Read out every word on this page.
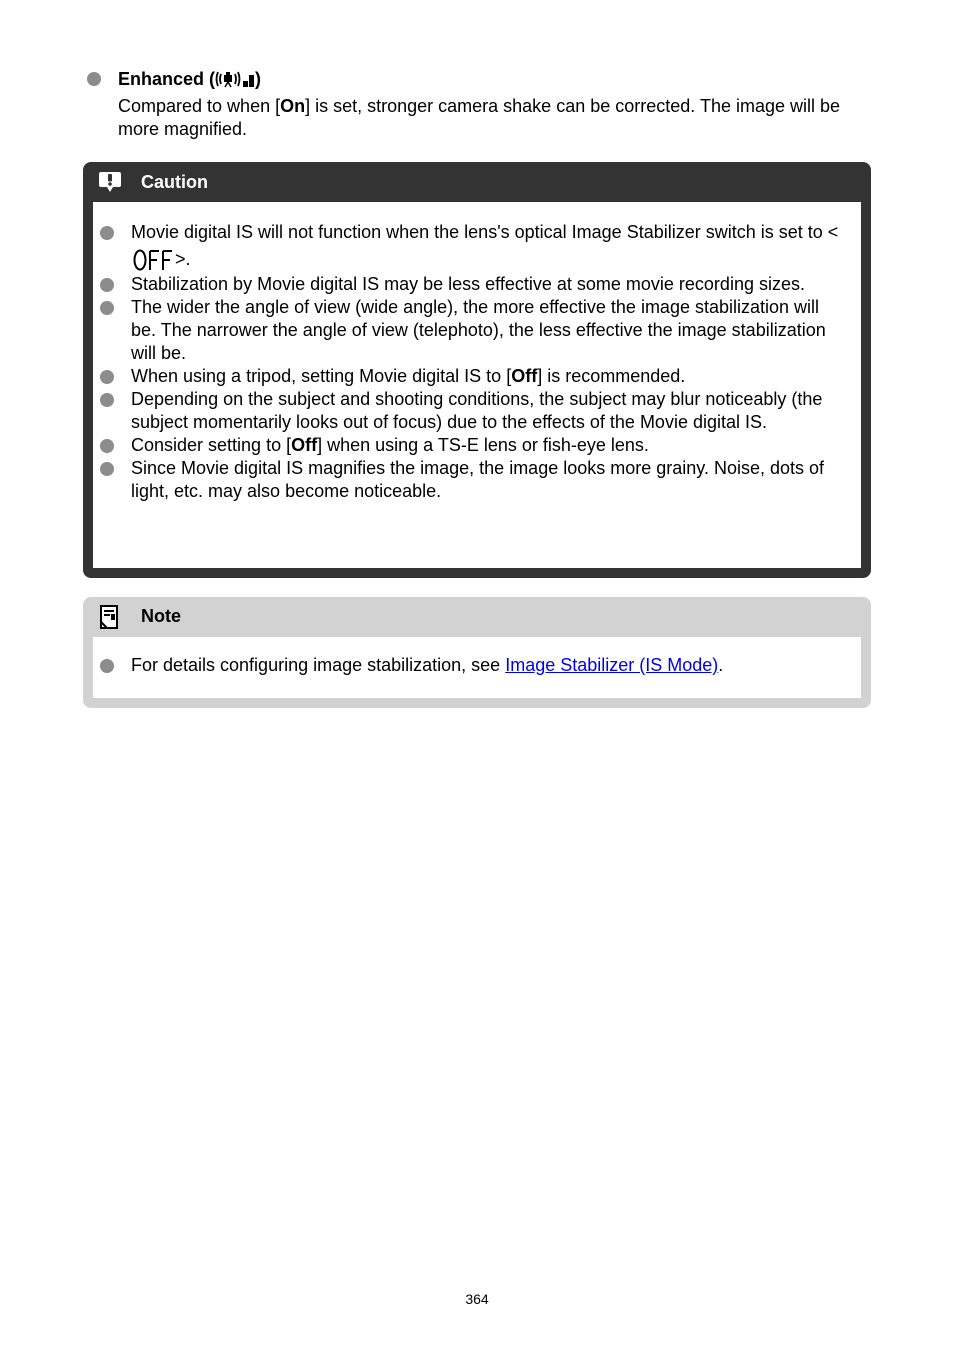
Enhanced ( )
Compared to when [On] is set, stronger camera shake can be corrected. The image will be more magnified.
Caution
Movie digital IS will not function when the lens's optical Image Stabilizer switch is set to <>.
Stabilization by Movie digital IS may be less effective at some movie recording sizes.
The wider the angle of view (wide angle), the more effective the image stabilization will be. The narrower the angle of view (telephoto), the less effective the image stabilization will be.
When using a tripod, setting Movie digital IS to [Off] is recommended.
Depending on the subject and shooting conditions, the subject may blur noticeably (the subject momentarily looks out of focus) due to the effects of the Movie digital IS.
Consider setting to [Off] when using a TS-E lens or fish-eye lens.
Since Movie digital IS magnifies the image, the image looks more grainy. Noise, dots of light, etc. may also become noticeable.
Note
For details configuring image stabilization, see Image Stabilizer (IS Mode).
364
